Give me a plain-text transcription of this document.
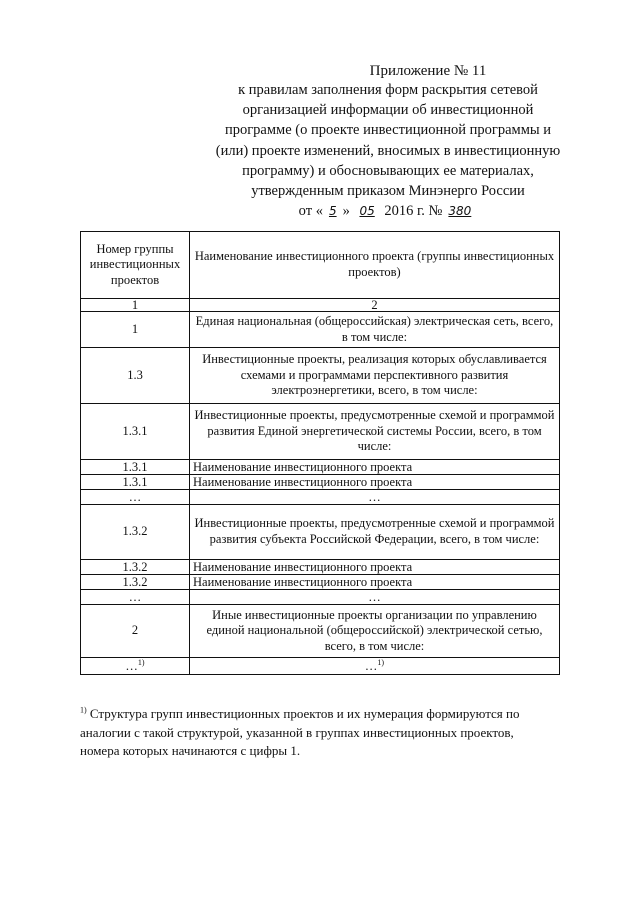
Приложение № 11
к правилам заполнения форм раскрытия сетевой
организацией информации об инвестиционной
программе (о проекте инвестиционной программы и
(или) проекте изменений, вносимых в инвестиционную
программу) и обосновывающих ее материалах,
утвержденным приказом Минэнерго России
от « 5 » 05 2016 г. № 380
Номер группы инвестиционных проектов	Наименование инвестиционного проекта (группы инвестиционных проектов)
1	2
1	Единая национальная (общероссийская) электрическая сеть, всего, в том числе:
1.3	Инвестиционные проекты, реализация которых обуславливается схемами и программами перспективного развития электроэнергетики, всего, в том числе:
1.3.1	Инвестиционные проекты, предусмотренные схемой и программой развития Единой энергетической системы России, всего, в том числе:
1.3.1	Наименование инвестиционного проекта
1.3.1	Наименование инвестиционного проекта
…	…
1.3.2	Инвестиционные проекты, предусмотренные схемой и программой развития субъекта Российской Федерации, всего, в том числе:
1.3.2	Наименование инвестиционного проекта
1.3.2	Наименование инвестиционного проекта
…	…
2	Иные инвестиционные проекты организации по управлению единой национальной (общероссийской) электрической сетью, всего, в том числе:
…$^{1)}$	…$^{1)}$
$^{1)}$ Структура групп инвестиционных проектов и их нумерация формируются по аналогии с такой структурой, указанной в группах инвестиционных проектов, номера которых начинаются с цифры 1.
